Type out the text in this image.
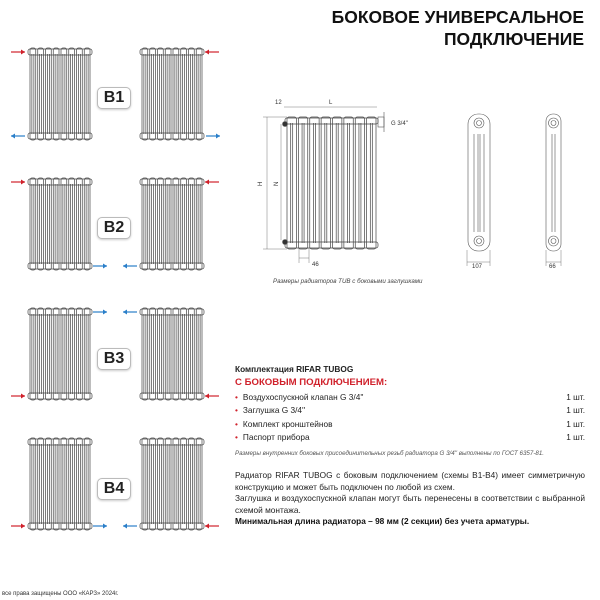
БОКОВОЕ УНИВЕРСАЛЬНОЕ
ПОДКЛЮЧЕНИЕ
B1
B2
B3
B4
12	L
H N
46	107	66
G 3/4''
Размеры радиаторов TUB с боковыми заглушками
Комплектация RIFAR TUBOG
С БОКОВЫМ ПОДКЛЮЧЕНИЕМ:
• Воздухоспускной клапан G 3/4''	1 шт.
• Заглушка G 3/4''	1 шт.
• Комплект кронштейнов	1 шт.
• Паспорт прибора	1 шт.
Размеры внутренних боковых присоединительных резьб радиатора G 3/4'' выполнены по ГОСТ 6357-81.

Радиатор RIFAR TUBOG с боковым подключением (схемы B1-B4) имеет симметричную конструкцию и может быть подключен по любой из схем.

Заглушка и воздухоспускной клапан могут быть перенесены в соответствии с выбранной схемой монтажа.

Минимальная длина радиатора – 98 мм (2 секции) без учета арматуры.

все права защищены ООО «КАРЗ» 2024г.
